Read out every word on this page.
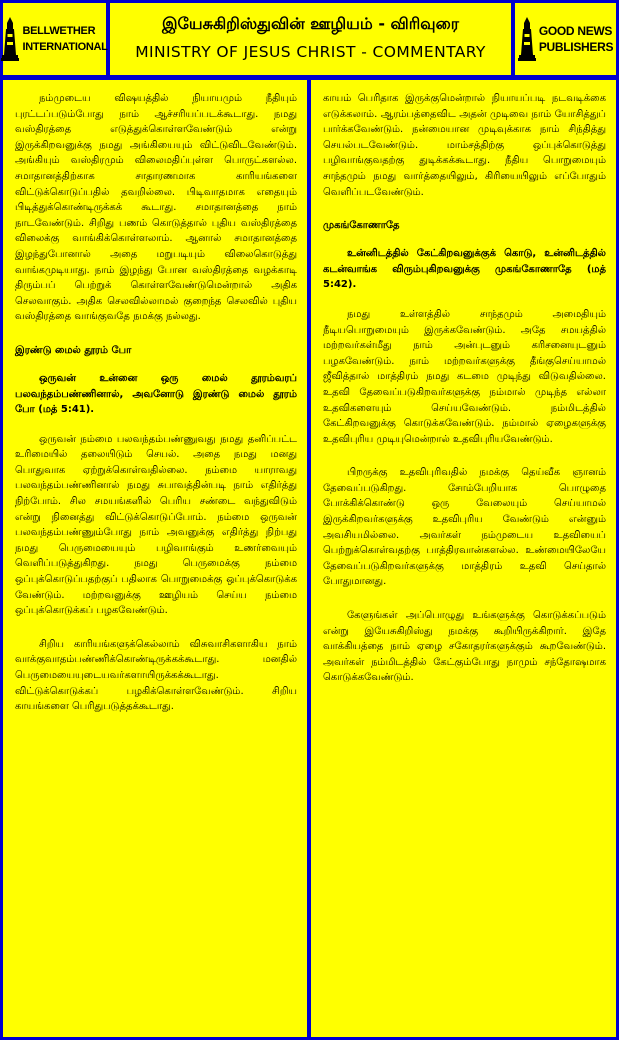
BELLWETHER
INTERNATIONAL
இயேசுகிறிஸ்துவின் ஊழியம் - விரிவுரை
MINISTRY OF JESUS CHRIST - COMMENTARY
GOOD NEWS
PUBLISHERS

நம்முடைய விஷயத்தில் நியாயமும் நீதியும் புரட்டப்படும்போது நாம் ஆச்சரியப்படக்கூடாது. நமது வஸ்திரத்தை எடுத்துக்கொள்ளவேண்டும் என்று இருக்கிறவனுக்கு நமது அங்கியையும் விட்டுவிடவேண்டும். அங்கியும் வஸ்திரமும் விலைமதிப்புள்ள பொருட்களல்ல. சமாதானத்திற்காக சாதாரணமாக காரியங்களை விட்டுக்கொடுப்பதில் தவறில்லை. பிடிவாதமாக எதையும் பிடித்துக்கொண்டிருக்கக் கூடாது. சமாதானத்தை நாம் நாடவேண்டும். சிறிது பணம் கொடுத்தால் புதிய வஸ்திரத்தை விலைக்கு வாங்கிக்கொள்ளலாம். ஆனால் சமாதானத்தை இழந்துபோனால் அதை மறுபடியும் விலைகொடுத்து வாங்கமுடியாது. நாம் இழந்து போன வஸ்திரத்தை வழக்காடி திரும்பப் பெற்றுக் கொள்ளவேண்டுமென்றால் அதிக செலவாகும். அதிக செலவில்லாமல் குறைந்த செலவில் புதிய வஸ்திரத்தை வாங்குவதே நமக்கு நல்லது.

இரண்டு மைல் தூரம் போ

ஒருவன் உன்னை ஒரு மைல் தூரம்வரப் பலவந்தம்பண்ணினால், அவனோடு இரண்டு மைல் தூரம் போ (மத் 5:41).

ஒருவன் நம்மை பலவந்தம்பண்ணுவது நமது தனிப்பட்ட உரிமையில் தலையிடும் செயல். அதை நமது மனது பொதுவாக ஏற்றுக்கொள்வதில்லை. நம்மை யாராவது பலவந்தம்பண்ணினால் நமது சுபாவத்தின்படி நாம் எதிர்த்து நிற்போம். சில சமயங்களில் பெரிய சண்டை வந்துவிடும் என்று நினைத்து விட்டுக்கொடுப்போம். நம்மை ஒருவன் பலவந்தம்பண்ணும்போது நாம் அவனுக்கு எதிர்த்து நிற்பது நமது பெருமையையும் பழிவாங்கும் உணர்வையும் வெளிப்படுத்துகிறது. நமது பெருமைக்கு நம்மை ஒப்புக்கொடுப்பதற்குப் பதிலாக பொறுமைக்கு ஒப்புக்கொடுக்க வேண்டும். மற்றவனுக்கு ஊழியம் செய்ய நம்மை ஒப்புக்கொடுக்கப் பழகவேண்டும்.

சிறிய காரியங்களுக்கெல்லாம் விசுவாசிகளாகிய நாம் வாக்குவாதம்பண்ணிக்கொண்டிருக்கக்கூடாது. மனதில் பெருமையையுடையவர்களாயிருக்கக்கூடாது. விட்டுக்கொடுக்கப் பழகிக்கொள்ளவேண்டும். சிறிய காயங்களை பெரிதுபடுத்தக்கூடாது.

காயம் பெரிதாக இருக்குமென்றால் நியாயப்படி நடவடிக்கை எடுக்கலாம். ஆரம்பத்தைவிட அதன் முடிவை நாம் யோசித்துப் பார்க்கவேண்டும். நன்மையான முடிவுக்காக நாம் சிந்தித்து செயல்படவேண்டும். மாம்சத்திற்கு ஒப்புக்கொடுத்து பழிவாங்குவதற்கு துடிக்கக்கூடாது. நீதிய பொறுமையும் சாந்தமும் நமது வார்த்தையிலும், கிரியையிலும் எப்போதும் வெளிப்படவேண்டும்.

முகங்கோணாதே

உன்னிடத்தில் கேட்கிறவனுக்குக் கொடு, உன்னிடத்தில் கடன்வாங்க விரும்புகிறவனுக்கு முகங்கோணாதே (மத் 5:42).

நமது உள்ளத்தில் சாந்தமும் அமைதியும் நீடியபொறுமையும் இருக்கவேண்டும். அதே சமயத்தில் மற்றவர்கள்மீது நாம் அன்புடனும் கரிசனையுடனும் பழகவேண்டும். நாம் மற்றவர்களுக்கு தீங்குசெய்யாமல் ஜீவித்தால் மாத்திரம் நமது கடமை முடிந்து விடுவதில்லை. உதவி தேவைப்படுகிறவர்களுக்கு நம்மால் முடிந்த எல்லா உதவிகளையும் செய்யவேண்டும். நம்மிடத்தில் கேட்கிறவனுக்கு கொடுக்கவேண்டும். நம்மால் ஏழைகளுக்கு உதவிபுரிய முடியுமென்றால் உதவிபுரியவேண்டும்.

பிறருக்கு உதவிபுரிவதில் நமக்கு தெய்வீக ஞானம் தேவைப்படுகிறது. சோம்பேறியாக பொழுதை போக்கிக்கொண்டு ஒரு வேலையும் செய்யாமல் இருக்கிறவர்களுக்கு உதவிபுரிய வேண்டும் என்னும் அவசியமில்லை. அவர்கள் நம்முடைய உதவியைப் பெற்றுக்கொள்வதற்கு பாத்திரவான்களல்ல. உண்மையிலேயே தேவைப்படுகிறவர்களுக்கு மாத்திரம் உதவி செய்தால் போதுமானது.

கேளுங்கள் அப்பொழுது உங்களுக்கு கொடுக்கப்படும் என்று இயேசுகிறிஸ்து நமக்கு கூறியிருக்கிறார். இதே வாக்கியத்தை நாம் ஏழை சகோதரர்களுக்கும் கூறவேண்டும். அவர்கள் நம்மிடத்தில் கேட்கும்போது நாமும் சந்தோஷமாக கொடுக்கவேண்டும்.
